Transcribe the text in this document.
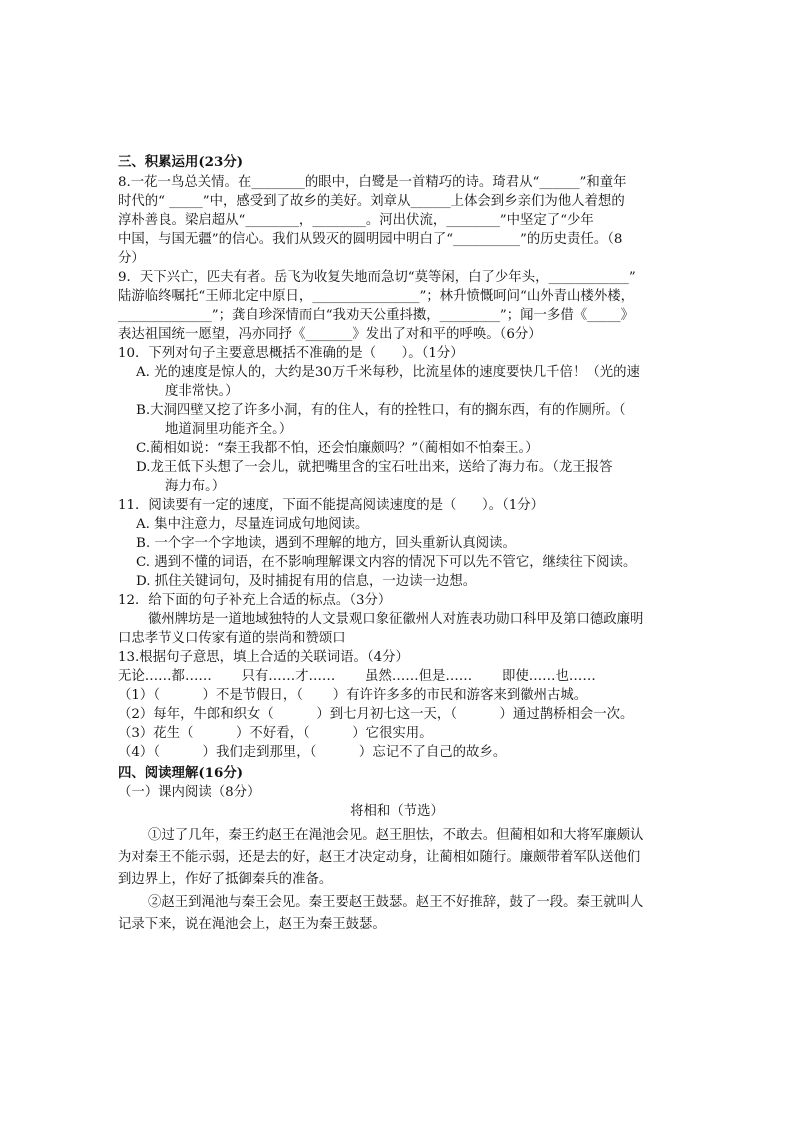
三、积累运用(23分)
8.一花一鸟总关情。在________的眼中，白鹭是一首精巧的诗。琦君从“______”和童年
时代的“ _____”中，感受到了故乡的美好。刘章从______上体会到乡亲们为他人着想的
淳朴善良。梁启超从“________，________。河出伏流，________”中坚定了“少年
中国，与国无疆”的信心。我们从毁灭的圆明园中明白了“__________”的历史责任。（8
分）
9．天下兴亡，匹夫有者。岳飞为收复失地而急切“莫等闲，白了少年头，____________”
陆游临终嘱托“王师北定中原日，________________”；林升愤慨呵问“山外青山楼外楼，
______________”；龚自珍深情而白“我劝天公重抖擞，_________”；闻一多借《_____》
表达祖国统一愿望，冯亦同抒《_______》发出了对和平的呼唤。（6分）
10．下列对句子主要意思概括不准确的是（      ）。（1分）
A. 光的速度是惊人的，大约是30万千米每秒，比流星体的速度要快几千倍！（光的速
度非常快。）
B.大洞四壁又挖了许多小洞，有的住人，有的拴牲口，有的搁东西，有的作厕所。（
地道洞里功能齐全。）
C.蔺相如说：“秦王我都不怕，还会怕廉颇吗？”（蔺相如不怕秦王。）
D.龙王低下头想了一会儿，就把嘴里含的宝石吐出来，送给了海力布。（龙王报答
海力布。）
11．阅读要有一定的速度，下面不能提高阅读速度的是（      ）。（1分）
A. 集中注意力，尽量连词成句地阅读。
B. 一个字一个字地读，遇到不理解的地方，回头重新认真阅读。
C. 遇到不懂的词语，在不影响理解课文内容的情况下可以先不管它，继续往下阅读。
D. 抓住关键词句，及时捕捉有用的信息，一边读一边想。
12．给下面的句子补充上合适的标点。（3分）
徽州牌坊是一道地域独特的人文景观口象征徽州人对旌表功勋口科甲及第口德政廉明
口忠孝节义口传家有道的崇尚和赞颂口
13.根据句子意思，填上合适的关联词语。（4分）
无论……都……       只有……才……       虽然……但是……       即使……也……
（1）（          ）不是节假日，（       ）有许许多多的市民和游客来到徽州古城。
（2）每年，牛郎和织女（          ）到七月初七这一天，（          ）通过鹊桥相会一次。
（3）花生（          ）不好看，（          ）它很实用。
（4）（          ）我们走到那里，（          ）忘记不了自己的故乡。
四、阅读理解(16分)
（一）课内阅读（8分）
将相和（节选）
①过了几年，秦王约赵王在渑池会见。赵王胆怯，不敢去。但蔺相如和大将军廉颇认
为对秦王不能示弱，还是去的好，赵王才决定动身，让蔺相如随行。廉颇带着军队送他们
到边界上，作好了抵御秦兵的准备。
②赵王到渑池与秦王会见。秦王要赵王鼓瑟。赵王不好推辞，鼓了一段。秦王就叫人
记录下来，说在渑池会上，赵王为秦王鼓瑟。
